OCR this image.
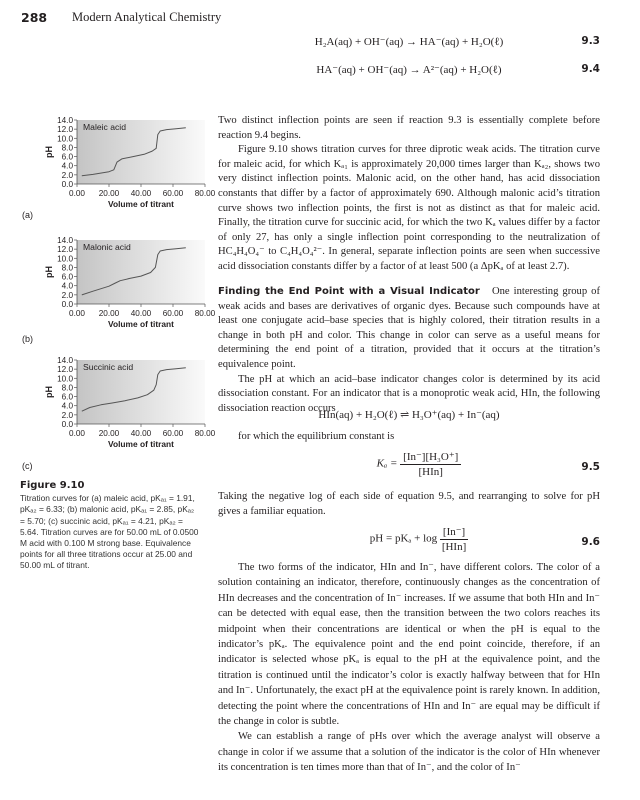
288 Modern Analytical Chemistry
H₂A(aq) + OH⁻(aq) → HA⁻(aq) + H₂O(ℓ)	9.3
HA⁻(aq) + OH⁻(aq) → A²⁻(aq) + H₂O(ℓ)	9.4

Two distinct inflection points are seen if reaction 9.3 is essentially complete before reaction 9.4 begins.

Figure 9.10 shows titration curves for three diprotic weak acids. The titration curve for maleic acid, for which Kₐ₁ is approximately 20,000 times larger than Kₐ₂, shows two very distinct inflection points. Malonic acid, on the other hand, has acid dissociation constants that differ by a factor of approximately 690. Although malonic acid’s titration curve shows two inflection points, the first is not as distinct as that for maleic acid. Finally, the titration curve for succinic acid, for which the two Kₐ values differ by a factor of only 27, has only a single inflection point corresponding to the neutralization of HC₄H₄O₄⁻ to C₄H₄O₄²⁻. In general, separate inflection points are seen when successive acid dissociation constants differ by a factor of at least 500 (a ΔpKₐ of at least 2.7).

Finding the End Point with a Visual Indicator One interesting group of weak acids and bases are derivatives of organic dyes. Because such compounds have at least one conjugate acid–base species that is highly colored, their titration results in a change in both pH and color. This change in color can serve as a useful means for determining the end point of a titration, provided that it occurs at the titration’s equivalence point.

The pH at which an acid–base indicator changes color is determined by its acid dissociation constant. For an indicator that is a monoprotic weak acid, HIn, the following dissociation reaction occurs

HIn(aq) + H₂O(ℓ) ⇌ H₃O⁺(aq) + In⁻(aq)

for which the equilibrium constant is

$K_a = \frac{\text{[In⁻][H₃O⁺]}}{\text{[HIn]}}$	9.5

Taking the negative log of each side of equation 9.5, and rearranging to solve for pH gives a familiar equation.

pH = $pK_a + \log \frac{[In^-]}{\text{[HIn]}}$	9.6

The two forms of the indicator, HIn and In⁻, have different colors. The color of a solution containing an indicator, therefore, continuously changes as the concentration of HIn decreases and the concentration of In⁻ increases. If we assume that both HIn and In⁻ can be detected with equal ease, then the transition between the two colors reaches its midpoint when their concentrations are identical or when the pH is equal to the indicator’s pKₐ. The equivalence point and the end point coincide, therefore, if an indicator is selected whose pKₐ is equal to the pH at the equivalence point, and the titration is continued until the indicator’s color is exactly halfway between that for HIn and In⁻. Unfortunately, the exact pH at the equivalence point is rarely known. In addition, detecting the point where the concentrations of HIn and In⁻ are equal may be difficult if the change in color is subtle.

We can establish a range of pHs over which the average analyst will observe a change in color if we assume that a solution of the indicator is the color of HIn whenever its concentration is ten times more than that of In⁻, and the color of In⁻

0.0
2.0
4.0
6.0
8.0
10.0
12.0
14.0
0.00 20.00 40.00 60.00 80.00
Volume of titrant
pH
Maleic acid
(a)
0.0
2.0
4.0
6.0
8.0
10.0
12.0
14.0
0.00 20.00 40.00 60.00 80.00
Volume of titrant
pH
Malonic acid
(b)
0.0
2.0
4.0
6.0
8.0
10.0
12.0
14.0
0.00 20.00 40.00 60.00 80.00
Volume of titrant
pH
Succinic acid
(c)
Figure 9.10
Titration curves for (a) maleic acid, pKₐ₁ = 1.91, pKₐ₂ = 6.33; (b) malonic acid, pKₐ₁ = 2.85, pKₐ₂ = 5.70; (c) succinic acid, pKₐ₁ = 4.21, pKₐ₂ = 5.64. Titration curves are for 50.00 mL of 0.0500 M acid with 0.100 M strong base. Equivalence points for all three titrations occur at 25.00 and 50.00 mL of titrant.
